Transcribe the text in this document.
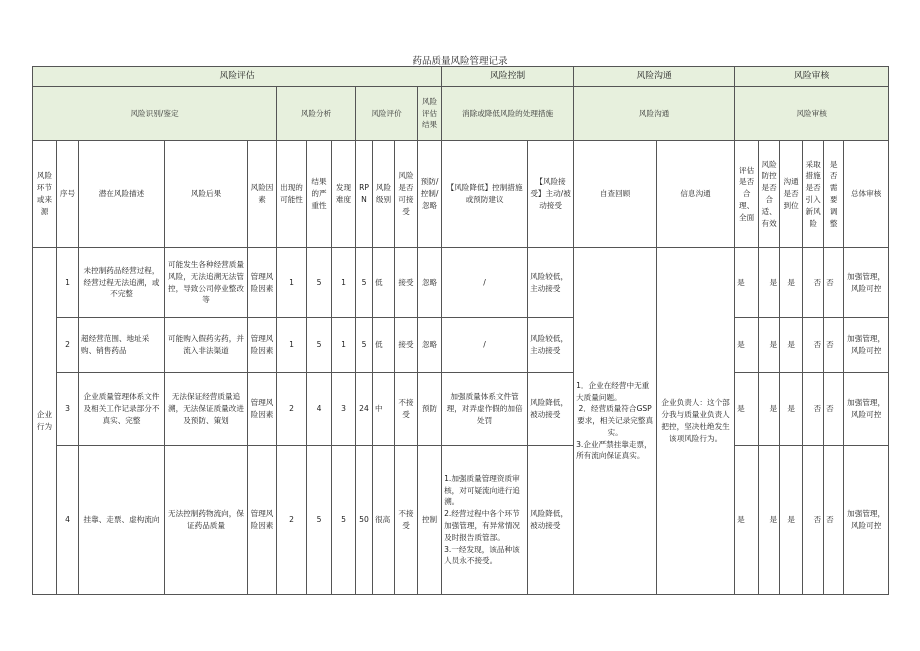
药品质量风险管理记录
风险评估												风险控制		风险沟通		风险审核					
风险识别/鉴定					风险分析			风险评价			风险评估结果	消除或降低风险的处理措施		风险沟通		风险审核					
风险环节或来源	序号	潜在风险描述	风险后果	风险因素	出现的可能性	结果的严重性	发现难度	RPN	风险级别	风险是否可接受	预防/控制/忽略	【风险降低】控制措施或预防建议	【风险接受】主动/被动接受	自查回顾	信息沟通	评估是否合理、全面	风险防控是否合适、有效	沟通是否到位	采取措施是否引入新风险	是否需要调整	总体审核
企业行为	1	未控制药品经营过程，经营过程无法追溯，或不完整	可能发生各种经营质量风险，无法追溯无法管控，导致公司停业整改等	管理风险因素	1	5	1	5	低	接受	忽略	/	风险较低，主动接受	1．企业在经营中无重大质量问题。
2．经营质量符合GSP要求，相关记录完整真实。
3.企业严禁挂靠走票，所有流向保证真实。	企业负责人：这个部分我与质量业负责人把控，坚决杜绝发生该项风险行为。	是	是	是	否	否	加强管理，风险可控
	2	超经营范围、地址采购、销售药品	可能购入假药劣药，并流入非法渠道	管理风险因素	1	5	1	5	低	接受	忽略	/	风险较低，主动接受			是	是	是	否	否	加强管理，风险可控
	3	企业质量管理体系文件及相关工作记录部分不真实、完整	无法保证经营质量追溯，无法保证质量改进及预防、策划	管理风险因素	2	4	3	24	中	不接受	预防	加强质量体系文件管理，对弄虚作假的加倍处罚	风险降低，被动接受			是	是	是	否	否	加强管理，风险可控
	4	挂靠、走票、虚构流向	无法控制药物流向，保证药品质量	管理风险因素	2	5	5	50	很高	不接受	控制	1.加强质量管理资质审核，对可疑流向进行追溯。
2.经营过程中各个环节加强管理，有异常情况及时报告质管部。
3.一经发现，该品种该人员永不接受。	风险降低，被动接受			是	是	是	否	否	加强管理，风险可控
